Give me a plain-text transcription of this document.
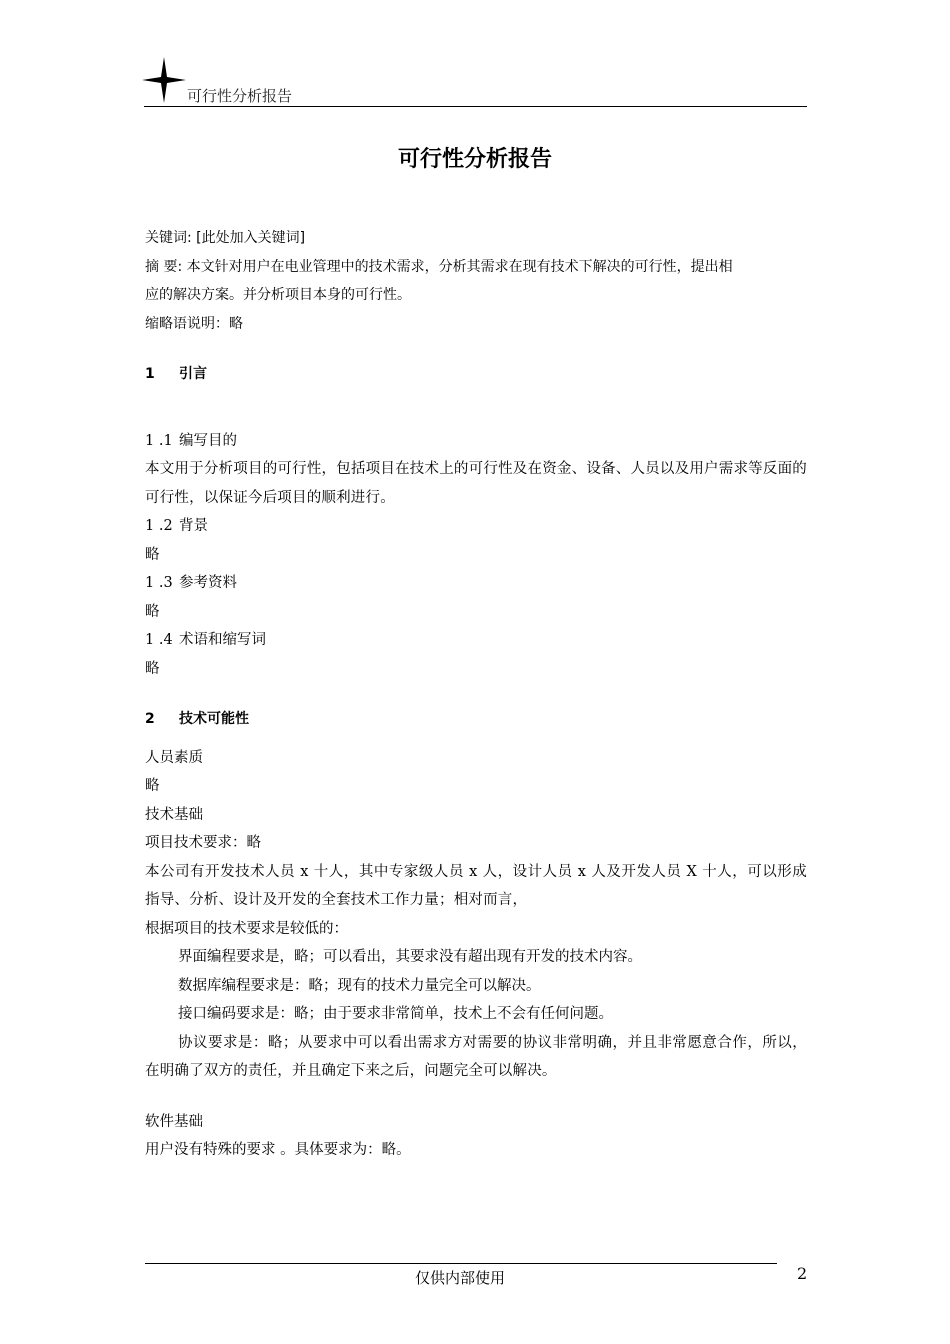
可行性分析报告
可行性分析报告
关键词: [此处加入关键词]
摘 要: 本文针对用户在电业管理中的技术需求，分析其需求在现有技术下解决的可行性，提出相
应的解决方案。并分析项目本身的可行性。
缩略语说明：略
1 引言
1 .1 编写目的
本文用于分析项目的可行性，包括项目在技术上的可行性及在资金、设备、人员以及用户需求等反面的可行性，以保证今后项目的顺利进行。
1 .2 背景
略
1 .3 参考资料
略
1 .4 术语和缩写词
略
2 技术可能性
人员素质
略
技术基础
项目技术要求：略
本公司有开发技术人员 x 十人，其中专家级人员 x 人，设计人员 x 人及开发人员 X 十人，可以形成指导、分析、设计及开发的全套技术工作力量；相对而言，
根据项目的技术要求是较低的：
界面编程要求是，略；可以看出，其要求没有超出现有开发的技术内容。
数据库编程要求是：略；现有的技术力量完全可以解决。
接口编码要求是：略；由于要求非常简单，技术上不会有任何问题。
协议要求是：略；从要求中可以看出需求方对需要的协议非常明确，并且非常愿意合作，所以，在明确了双方的责任，并且确定下来之后，问题完全可以解决。
软件基础
用户没有特殊的要求 。具体要求为：略。
仅供内部使用	2
